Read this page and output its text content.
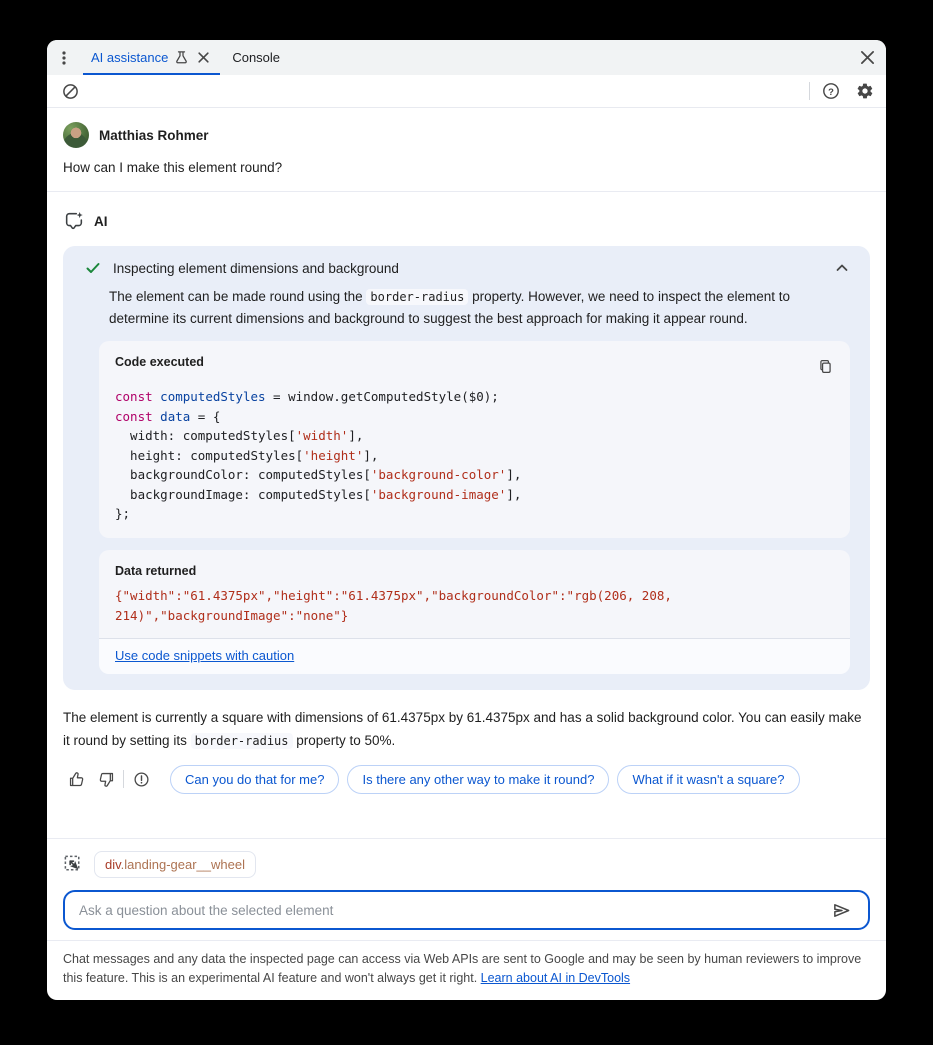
AI assistance	Console
?
Matthias Rohmer
How can I make this element round?
AI
Inspecting element dimensions and background
The element can be made round using the border-radius property. However, we need to inspect the element to determine its current dimensions and background to suggest the best approach for making it appear round.
Code executed
const computedStyles = window.getComputedStyle($0);
const data = {
width: computedStyles['width'],
height: computedStyles['height'],
backgroundColor: computedStyles['background-color'],
backgroundImage: computedStyles['background-image'],
};
Data returned
{"width":"61.4375px","height":"61.4375px","backgroundColor":"rgb(206, 208, 214)","backgroundImage":"none"}
Use code snippets with caution
The element is currently a square with dimensions of 61.4375px by 61.4375px and has a solid background color. You can easily make it round by setting its border-radius property to 50%.
Can you do that for me?	Is there any other way to make it round?	What if it wasn't a square?
div.landing-gear__wheel
Ask a question about the selected element
Chat messages and any data the inspected page can access via Web APIs are sent to Google and may be seen by human reviewers to improve this feature. This is an experimental AI feature and won't always get it right. Learn about AI in DevTools
